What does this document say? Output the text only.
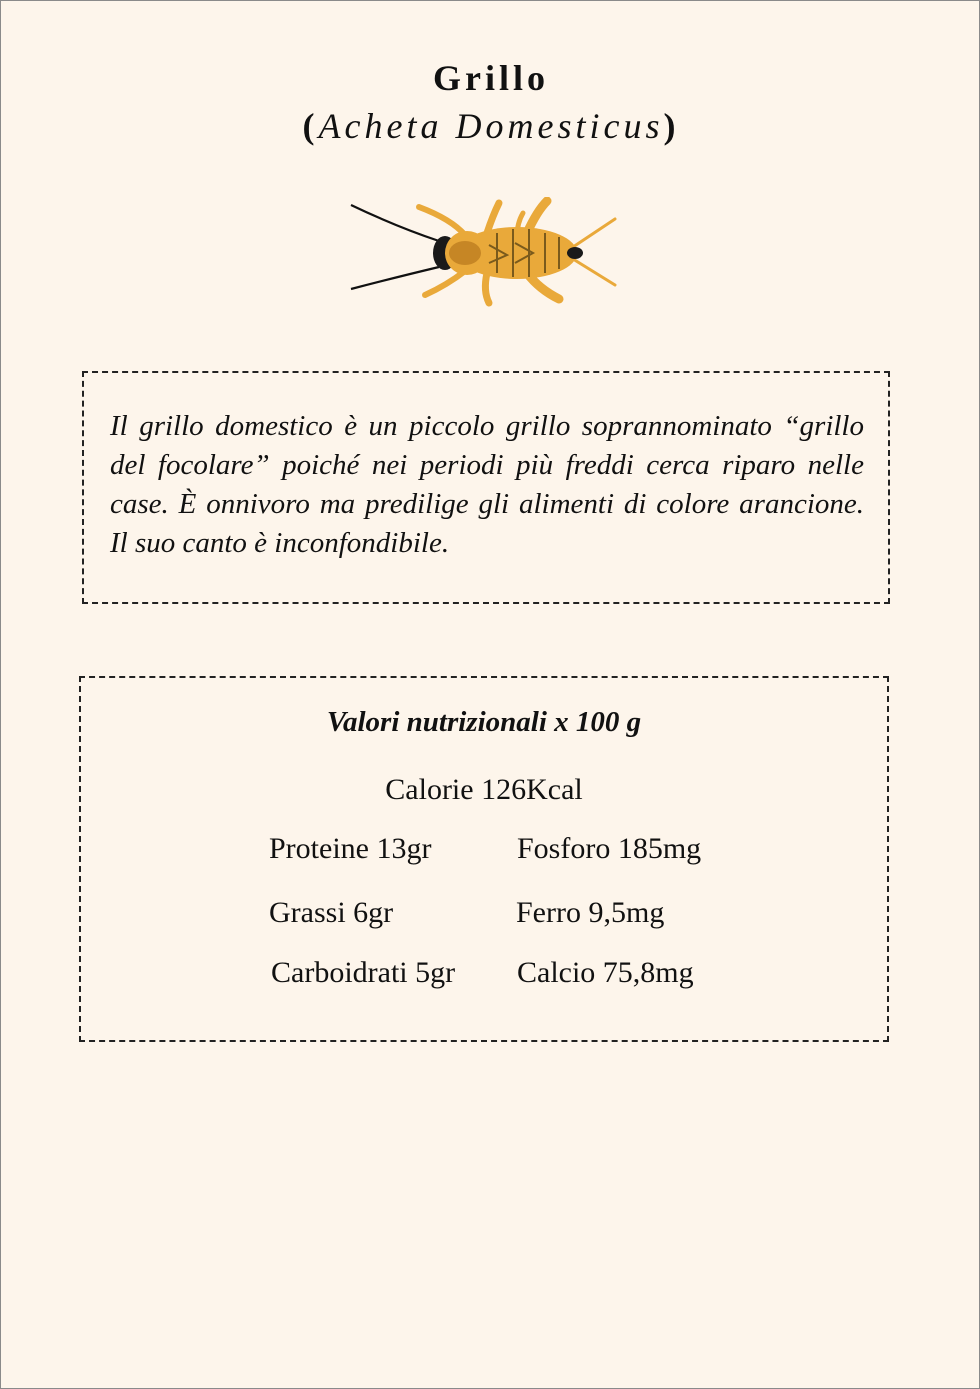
Grillo
(Acheta Domesticus)

Il grillo domestico è un piccolo grillo soprannominato “grillo del focolare” poiché nei periodi più freddi cerca riparo nelle case. È onnivoro ma predilige gli alimenti di colore arancione. Il suo canto è inconfondibile.

Valori nutrizionali x 100 g
Calorie 126Kcal
Proteine 13gr
Grassi 6gr
Carboidrati 5gr
Fosforo 185mg
Ferro 9,5mg
Calcio 75,8mg
